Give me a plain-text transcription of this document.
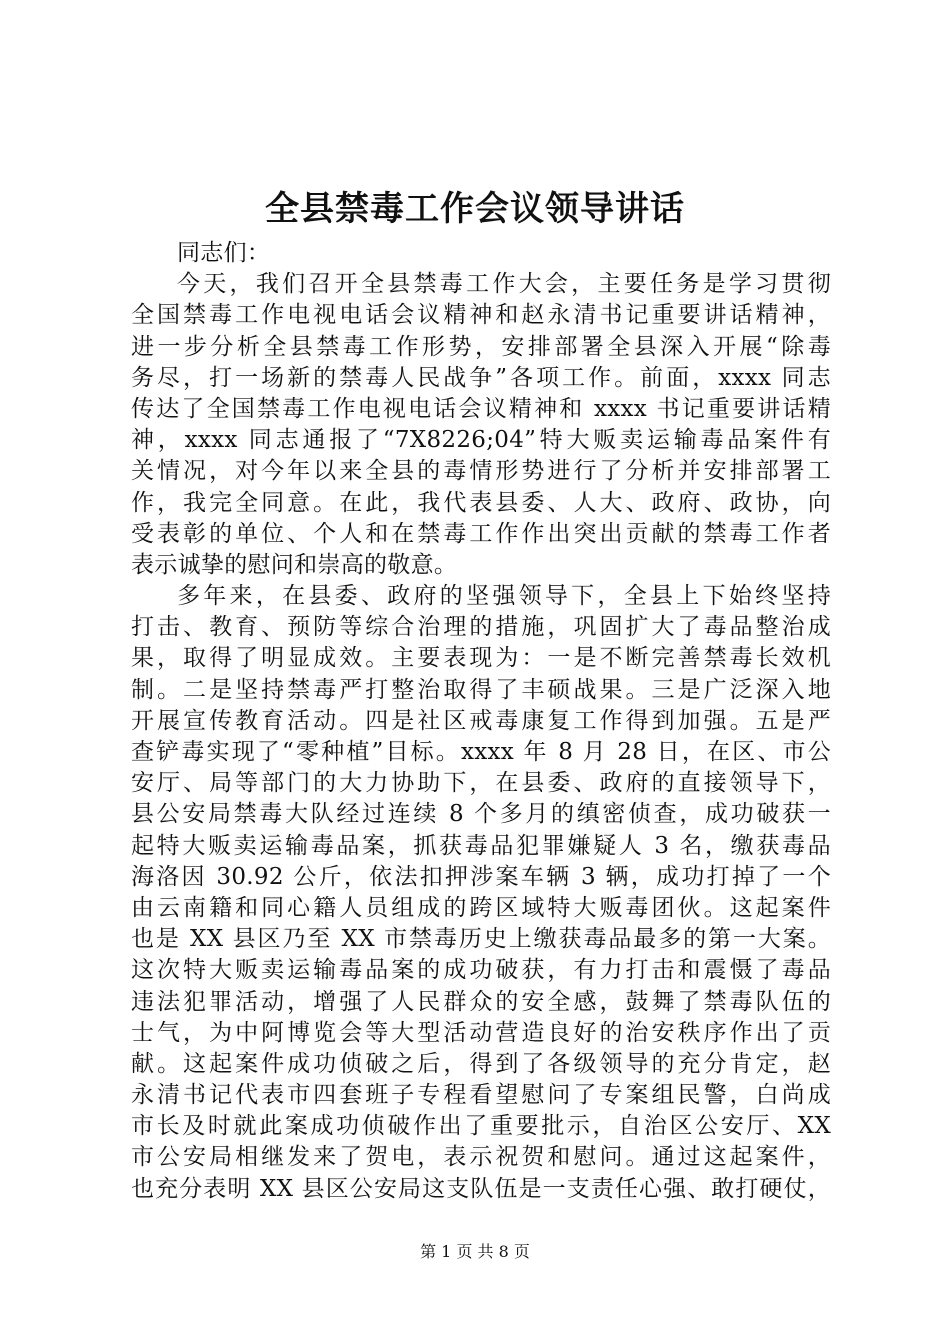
全县禁毒工作会议领导讲话
同志们：
今天，我们召开全县禁毒工作大会，主要任务是学习贯彻
全国禁毒工作电视电话会议精神和赵永清书记重要讲话精神，
进一步分析全县禁毒工作形势，安排部署全县深入开展“除毒
务尽，打一场新的禁毒人民战争”各项工作。前面，xxxx 同志
传达了全国禁毒工作电视电话会议精神和 xxxx 书记重要讲话精
神，xxxx 同志通报了“7X8226;04”特大贩卖运输毒品案件有
关情况，对今年以来全县的毒情形势进行了分析并安排部署工
作，我完全同意。在此，我代表县委、人大、政府、政协，向
受表彰的单位、个人和在禁毒工作作出突出贡献的禁毒工作者
表示诚挚的慰问和崇高的敬意。
多年来，在县委、政府的坚强领导下，全县上下始终坚持
打击、教育、预防等综合治理的措施，巩固扩大了毒品整治成
果，取得了明显成效。主要表现为：一是不断完善禁毒长效机
制。二是坚持禁毒严打整治取得了丰硕战果。三是广泛深入地
开展宣传教育活动。四是社区戒毒康复工作得到加强。五是严
查铲毒实现了“零种植”目标。xxxx 年 8 月 28 日，在区、市公
安厅、局等部门的大力协助下，在县委、政府的直接领导下，
县公安局禁毒大队经过连续 8 个多月的缜密侦查，成功破获一
起特大贩卖运输毒品案，抓获毒品犯罪嫌疑人 3 名，缴获毒品
海洛因 30.92 公斤，依法扣押涉案车辆 3 辆，成功打掉了一个
由云南籍和同心籍人员组成的跨区域特大贩毒团伙。这起案件
也是 XX 县区乃至 XX 市禁毒历史上缴获毒品最多的第一大案。
这次特大贩卖运输毒品案的成功破获，有力打击和震慑了毒品
违法犯罪活动，增强了人民群众的安全感，鼓舞了禁毒队伍的
士气，为中阿博览会等大型活动营造良好的治安秩序作出了贡
献。这起案件成功侦破之后，得到了各级领导的充分肯定，赵
永清书记代表市四套班子专程看望慰问了专案组民警，白尚成
市长及时就此案成功侦破作出了重要批示，自治区公安厅、XX
市公安局相继发来了贺电，表示祝贺和慰问。通过这起案件，
也充分表明 XX 县区公安局这支队伍是一支责任心强、敢打硬仗，
第 1 页 共 8 页
